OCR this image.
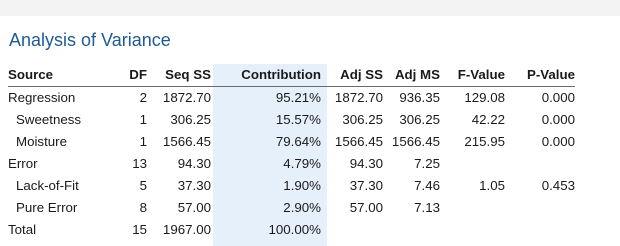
Analysis of Variance
Source	DF	Seq SS	Contribution	Adj SS	Adj MS	F-Value	P-Value
Regression	2	1872.70	95.21%	1872.70	936.35	129.08	0.000
Sweetness	1	306.25	15.57%	306.25	306.25	42.22	0.000
Moisture	1	1566.45	79.64%	1566.45	1566.45	215.95	0.000
Error	13	94.30	4.79%	94.30	7.25		
Lack-of-Fit	5	37.30	1.90%	37.30	7.46	1.05	0.453
Pure Error	8	57.00	2.90%	57.00	7.13		
Total	15	1967.00	100.00%				
